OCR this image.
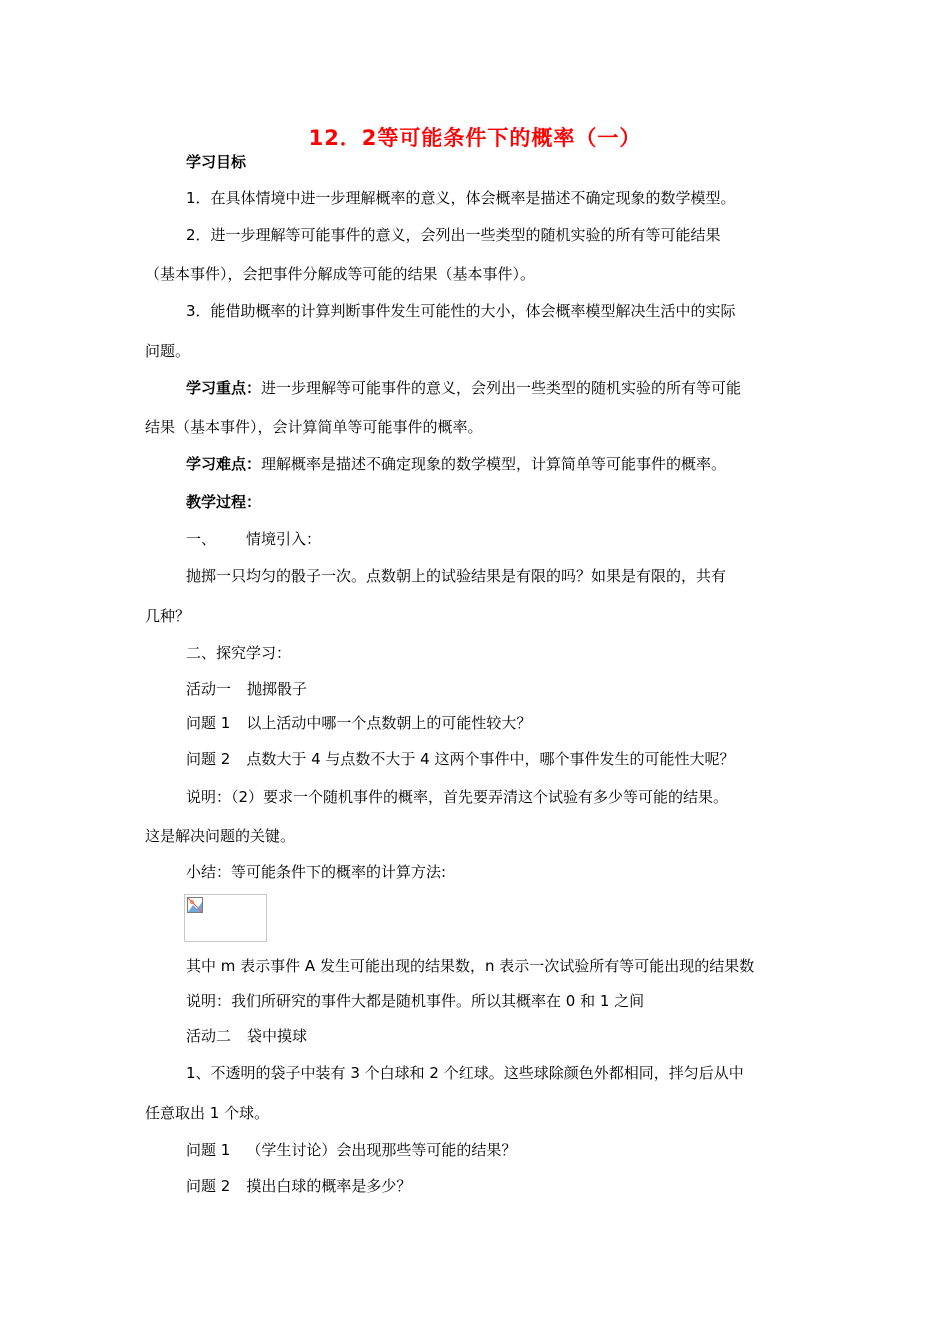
12．2等可能条件下的概率（一）
学习目标
1．在具体情境中进一步理解概率的意义，体会概率是描述不确定现象的数学模型。
2．进一步理解等可能事件的意义，会列出一些类型的随机实验的所有等可能结果
（基本事件），会把事件分解成等可能的结果（基本事件）。
3．能借助概率的计算判断事件发生可能性的大小，体会概率模型解决生活中的实际
问题。
学习重点：进一步理解等可能事件的意义，会列出一些类型的随机实验的所有等可能
结果（基本事件），会计算简单等可能事件的概率。
学习难点：理解概率是描述不确定现象的数学模型，计算简单等可能事件的概率。
教学过程：
一、 情境引入：
抛掷一只均匀的骰子一次。点数朝上的试验结果是有限的吗？如果是有限的，共有
几种？
二、探究学习：
活动一 抛掷骰子
问题 1 以上活动中哪一个点数朝上的可能性较大？
问题 2 点数大于 4 与点数不大于 4 这两个事件中，哪个事件发生的可能性大呢？
说明：（2）要求一个随机事件的概率，首先要弄清这个试验有多少等可能的结果。
这是解决问题的关键。
小结：等可能条件下的概率的计算方法:
其中 m 表示事件 A 发生可能出现的结果数，n 表示一次试验所有等可能出现的结果数
说明：我们所研究的事件大都是随机事件。所以其概率在 0 和 1 之间
活动二 袋中摸球
1、不透明的袋子中装有 3 个白球和 2 个红球。这些球除颜色外都相同，拌匀后从中
任意取出 1 个球。
问题 1 （学生讨论）会出现那些等可能的结果？
问题 2 摸出白球的概率是多少？
